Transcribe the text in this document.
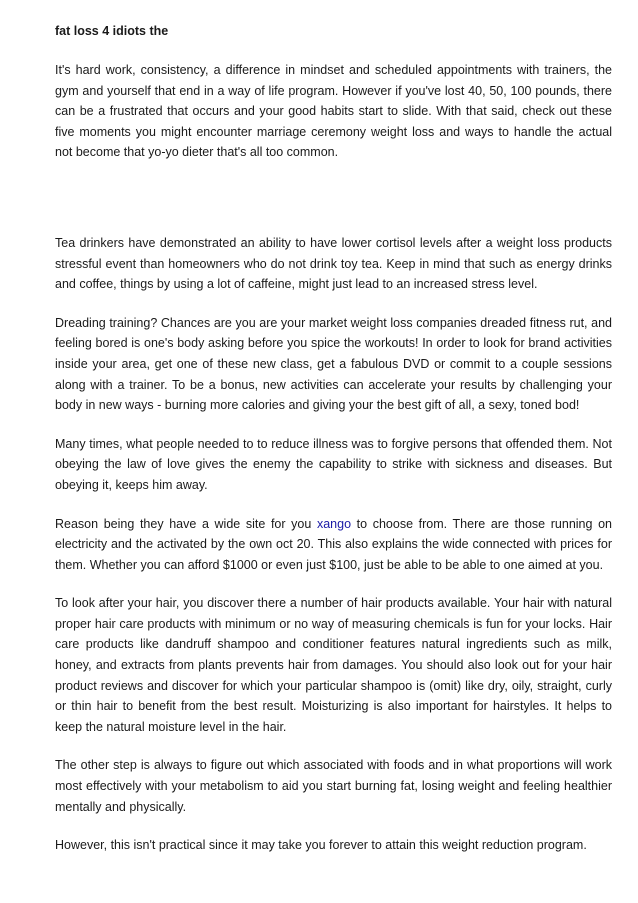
fat loss 4 idiots the

It's hard work, consistency, a difference in mindset and scheduled appointments with trainers, the gym and yourself that end in a way of life program. However if you've lost 40, 50, 100 pounds, there can be a frustrated that occurs and your good habits start to slide. With that said, check out these five moments you might encounter marriage ceremony weight loss and ways to handle the actual not become that yo-yo dieter that's all too common.

Tea drinkers have demonstrated an ability to have lower cortisol levels after a weight loss products stressful event than homeowners who do not drink toy tea. Keep in mind that such as energy drinks and coffee, things by using a lot of caffeine, might just lead to an increased stress level.

Dreading training? Chances are you are your market weight loss companies dreaded fitness rut, and feeling bored is one's body asking before you spice the workouts! In order to look for brand activities inside your area, get one of these new class, get a fabulous DVD or commit to a couple sessions along with a trainer. To be a bonus, new activities can accelerate your results by challenging your body in new ways - burning more calories and giving your the best gift of all, a sexy, toned bod!

Many times, what people needed to to reduce illness was to forgive persons that offended them. Not obeying the law of love gives the enemy the capability to strike with sickness and diseases. But obeying it, keeps him away.

Reason being they have a wide site for you xango to choose from. There are those running on electricity and the activated by the own oct 20. This also explains the wide connected with prices for them. Whether you can afford $1000 or even just $100, just be able to be able to one aimed at you.

To look after your hair, you discover there a number of hair products available. Your hair with natural proper hair care products with minimum or no way of measuring chemicals is fun for your locks. Hair care products like dandruff shampoo and conditioner features natural ingredients such as milk, honey, and extracts from plants prevents hair from damages. You should also look out for your hair product reviews and discover for which your particular shampoo is (omit) like dry, oily, straight, curly or thin hair to benefit from the best result. Moisturizing is also important for hairstyles. It helps to keep the natural moisture level in the hair.

The other step is always to figure out which associated with foods and in what proportions will work most effectively with your metabolism to aid you start burning fat, losing weight and feeling healthier mentally and physically.

However, this isn't practical since it may take you forever to attain this weight reduction program.
